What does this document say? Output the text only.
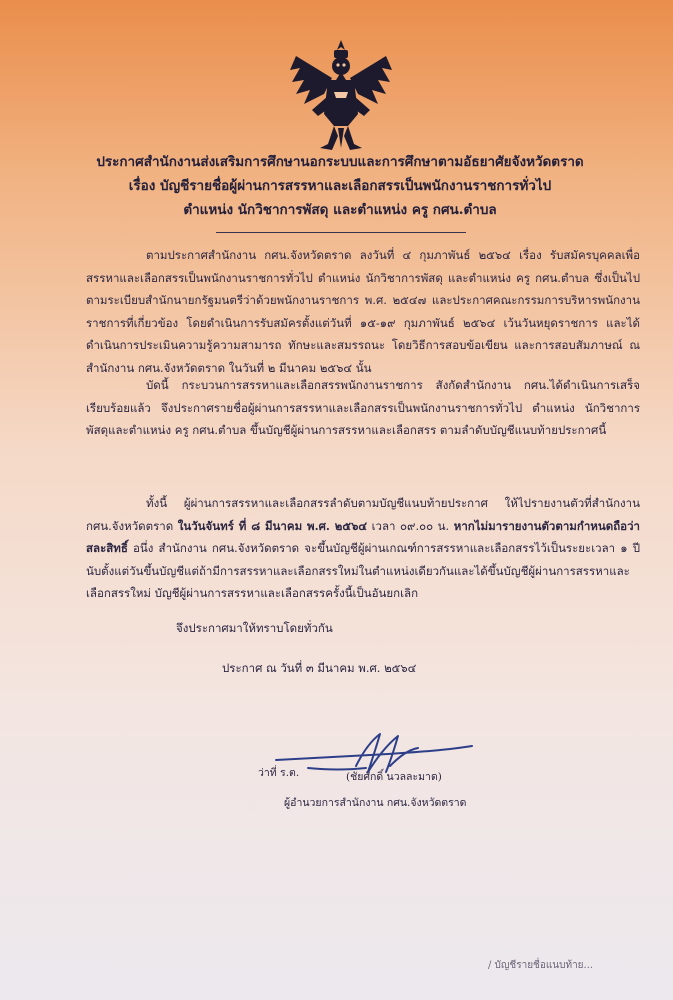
ประกาศสำนักงานส่งเสริมการศึกษานอกระบบและการศึกษาตามอัธยาศัยจังหวัดตราด
เรื่อง บัญชีรายชื่อผู้ผ่านการสรรหาและเลือกสรรเป็นพนักงานราชการทั่วไป
ตำแหน่ง นักวิชาการพัสดุ และตำแหน่ง ครู กศน.ตำบล
ตามประกาศสำนักงาน กศน.จังหวัดตราด ลงวันที่ ๔ กุมภาพันธ์ ๒๕๖๔ เรื่อง รับสมัครบุคคลเพื่อสรรหาและเลือกสรรเป็นพนักงานราชการทั่วไป ตำแหน่ง นักวิชาการพัสดุ และตำแหน่ง ครู กศน.ตำบล ซึ่งเป็นไปตามระเบียบสำนักนายกรัฐมนตรีว่าด้วยพนักงานราชการ พ.ศ. ๒๕๔๗ และประกาศคณะกรรมการบริหารพนักงานราชการที่เกี่ยวข้อง โดยดำเนินการรับสมัครตั้งแต่วันที่ ๑๕-๑๙ กุมภาพันธ์ ๒๕๖๔ เว้นวันหยุดราชการ และได้ดำเนินการประเมินความรู้ความสามารถ ทักษะและสมรรถนะ โดยวิธีการสอบข้อเขียน และการสอบสัมภาษณ์ ณ สำนักงาน กศน.จังหวัดตราด ในวันที่ ๒ มีนาคม ๒๕๖๔ นั้น
บัดนี้ กระบวนการสรรหาและเลือกสรรพนักงานราชการ สังกัดสำนักงาน กศน.ได้ดำเนินการเสร็จเรียบร้อยแล้ว จึงประกาศรายชื่อผู้ผ่านการสรรหาและเลือกสรรเป็นพนักงานราชการทั่วไป ตำแหน่ง นักวิชาการพัสดุและตำแหน่ง ครู กศน.ตำบล ขึ้นบัญชีผู้ผ่านการสรรหาและเลือกสรร ตามลำดับบัญชีแนบท้ายประกาศนี้
ทั้งนี้ ผู้ผ่านการสรรหาและเลือกสรรลำดับตามบัญชีแนบท้ายประกาศ ให้ไปรายงานตัวที่สำนักงาน กศน.จังหวัดตราด ในวันจันทร์ ที่ ๘ มีนาคม พ.ศ. ๒๕๖๔ เวลา ๐๙.๐๐ น. หากไม่มารายงานตัวตามกำหนดถือว่าสละสิทธิ์ อนึ่ง สำนักงาน กศน.จังหวัดตราด จะขึ้นบัญชีผู้ผ่านเกณฑ์การสรรหาและเลือกสรรไว้เป็นระยะเวลา ๑ ปี นับตั้งแต่วันขึ้นบัญชีแต่ถ้ามีการสรรหาและเลือกสรรใหม่ในตำแหน่งเดียวกันและได้ขึ้นบัญชีผู้ผ่านการสรรหาและเลือกสรรใหม่ บัญชีผู้ผ่านการสรรหาและเลือกสรรครั้งนี้เป็นอันยกเลิก
จึงประกาศมาให้ทราบโดยทั่วกัน
ประกาศ ณ วันที่ ๓ มีนาคม พ.ศ. ๒๕๖๔
ว่าที่ ร.ต.	(ชัยศักดิ์ นวลละมาด)
ผู้อำนวยการสำนักงาน กศน.จังหวัดตราด
/ บัญชีรายชื่อแนบท้าย...
